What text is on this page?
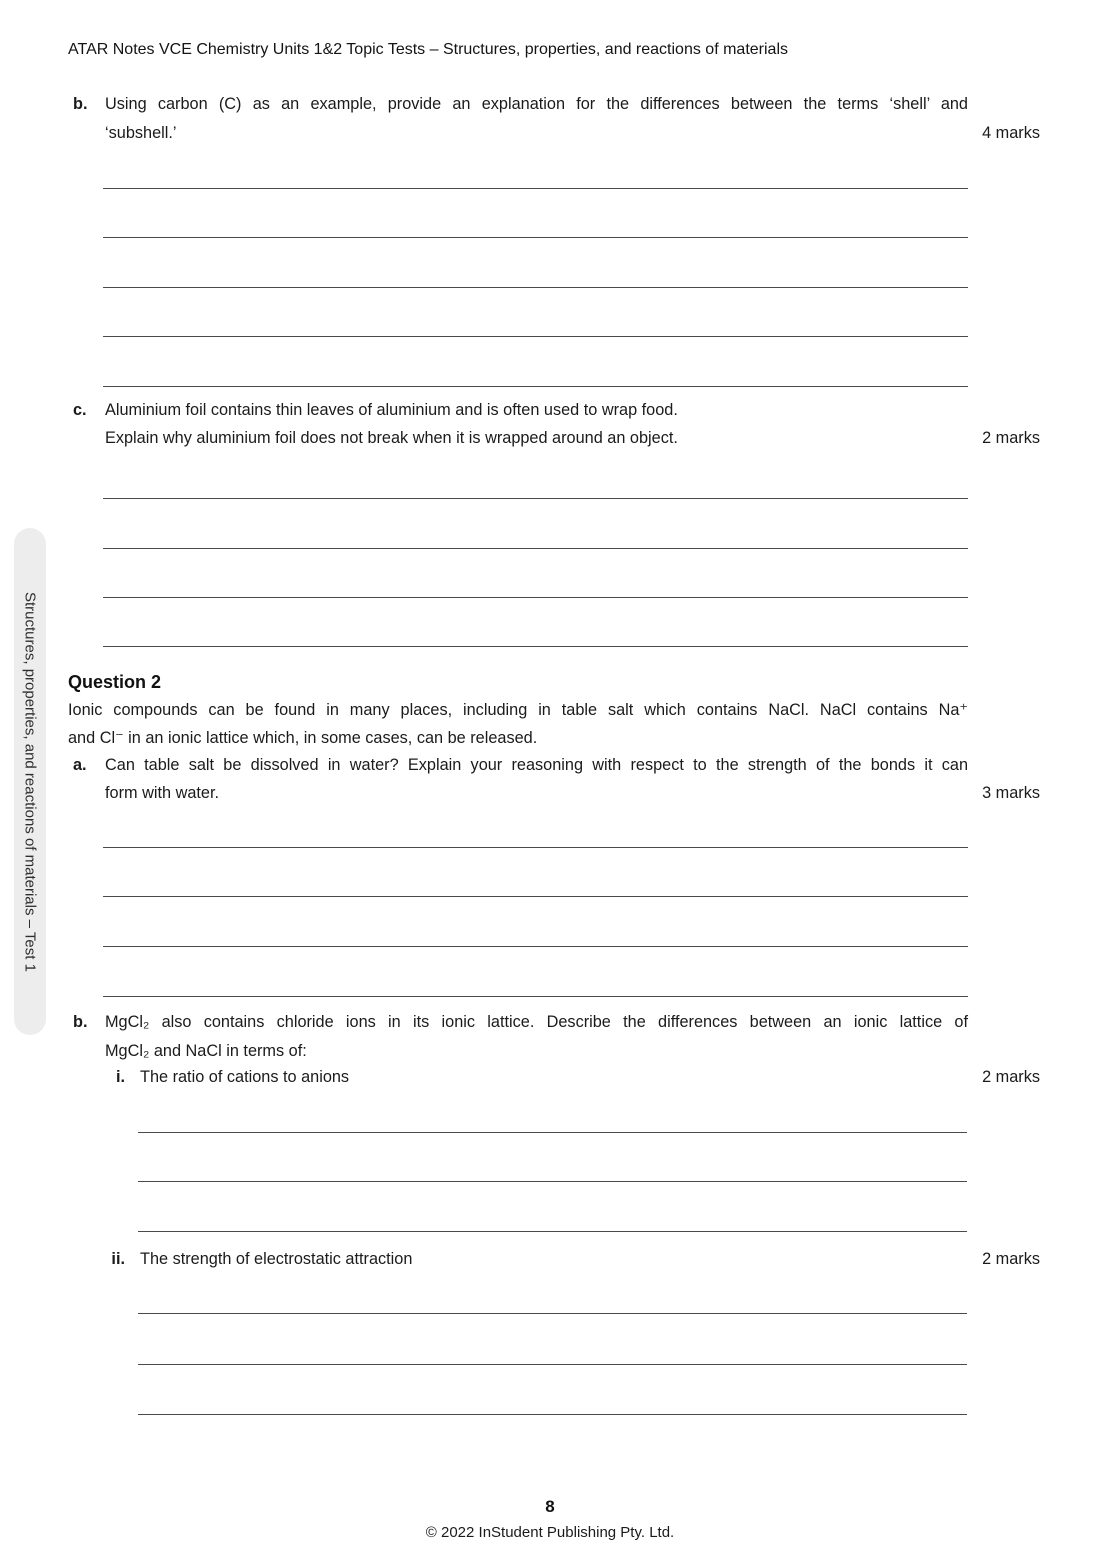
ATAR Notes VCE Chemistry Units 1&2 Topic Tests – Structures, properties, and reactions of materials
b. Using carbon (C) as an example, provide an explanation for the differences between the terms ‘shell’ and
‘subshell.’	4 marks
c. Aluminium foil contains thin leaves of aluminium and is often used to wrap food.
Explain why aluminium foil does not break when it is wrapped around an object.	2 marks
Question 2
Ionic compounds can be found in many places, including in table salt which contains NaCl. NaCl contains Na⁺
and Cl⁻ in an ionic lattice which, in some cases, can be released.
a. Can table salt be dissolved in water? Explain your reasoning with respect to the strength of the bonds it can
form with water.	3 marks
b. MgCl₂ also contains chloride ions in its ionic lattice. Describe the differences between an ionic lattice of
MgCl₂ and NaCl in terms of:
i. The ratio of cations to anions	2 marks
ii. The strength of electrostatic attraction	2 marks
Structures, properties, and reactions of materials – Test 1
8
© 2022 InStudent Publishing Pty. Ltd.
